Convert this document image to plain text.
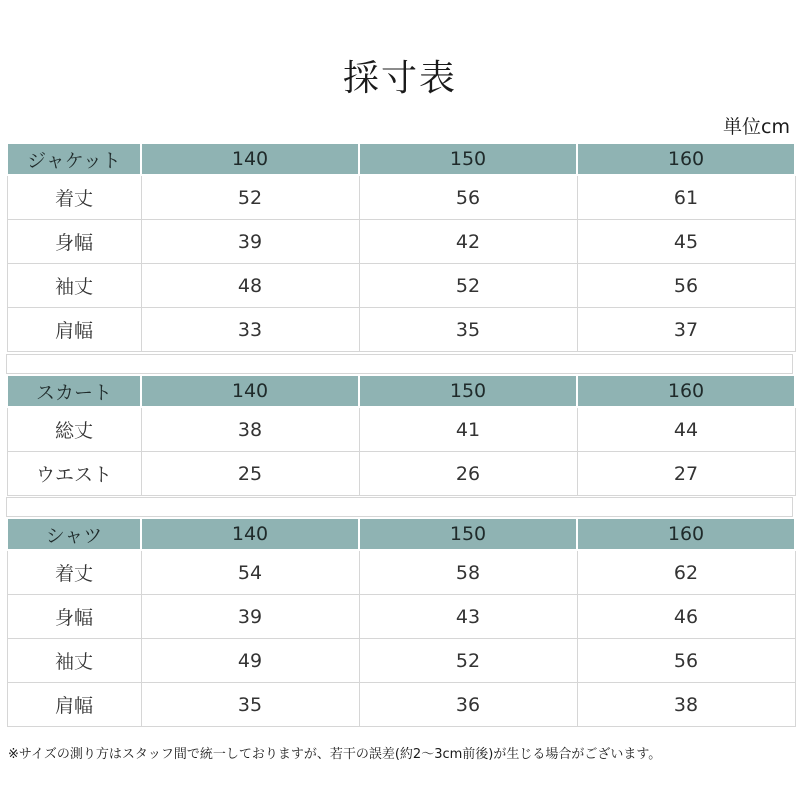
採寸表
単位cm
ジャケット	140	150	160
着丈	52	56	61
身幅	39	42	45
袖丈	48	52	56
肩幅	33	35	37
スカート	140	150	160
総丈	38	41	44
ウエスト	25	26	27
シャツ	140	150	160
着丈	54	58	62
身幅	39	43	46
袖丈	49	52	56
肩幅	35	36	38
※サイズの測り方はスタッフ間で統一しておりますが、若干の誤差(約2〜3cm前後)が生じる場合がございます。
